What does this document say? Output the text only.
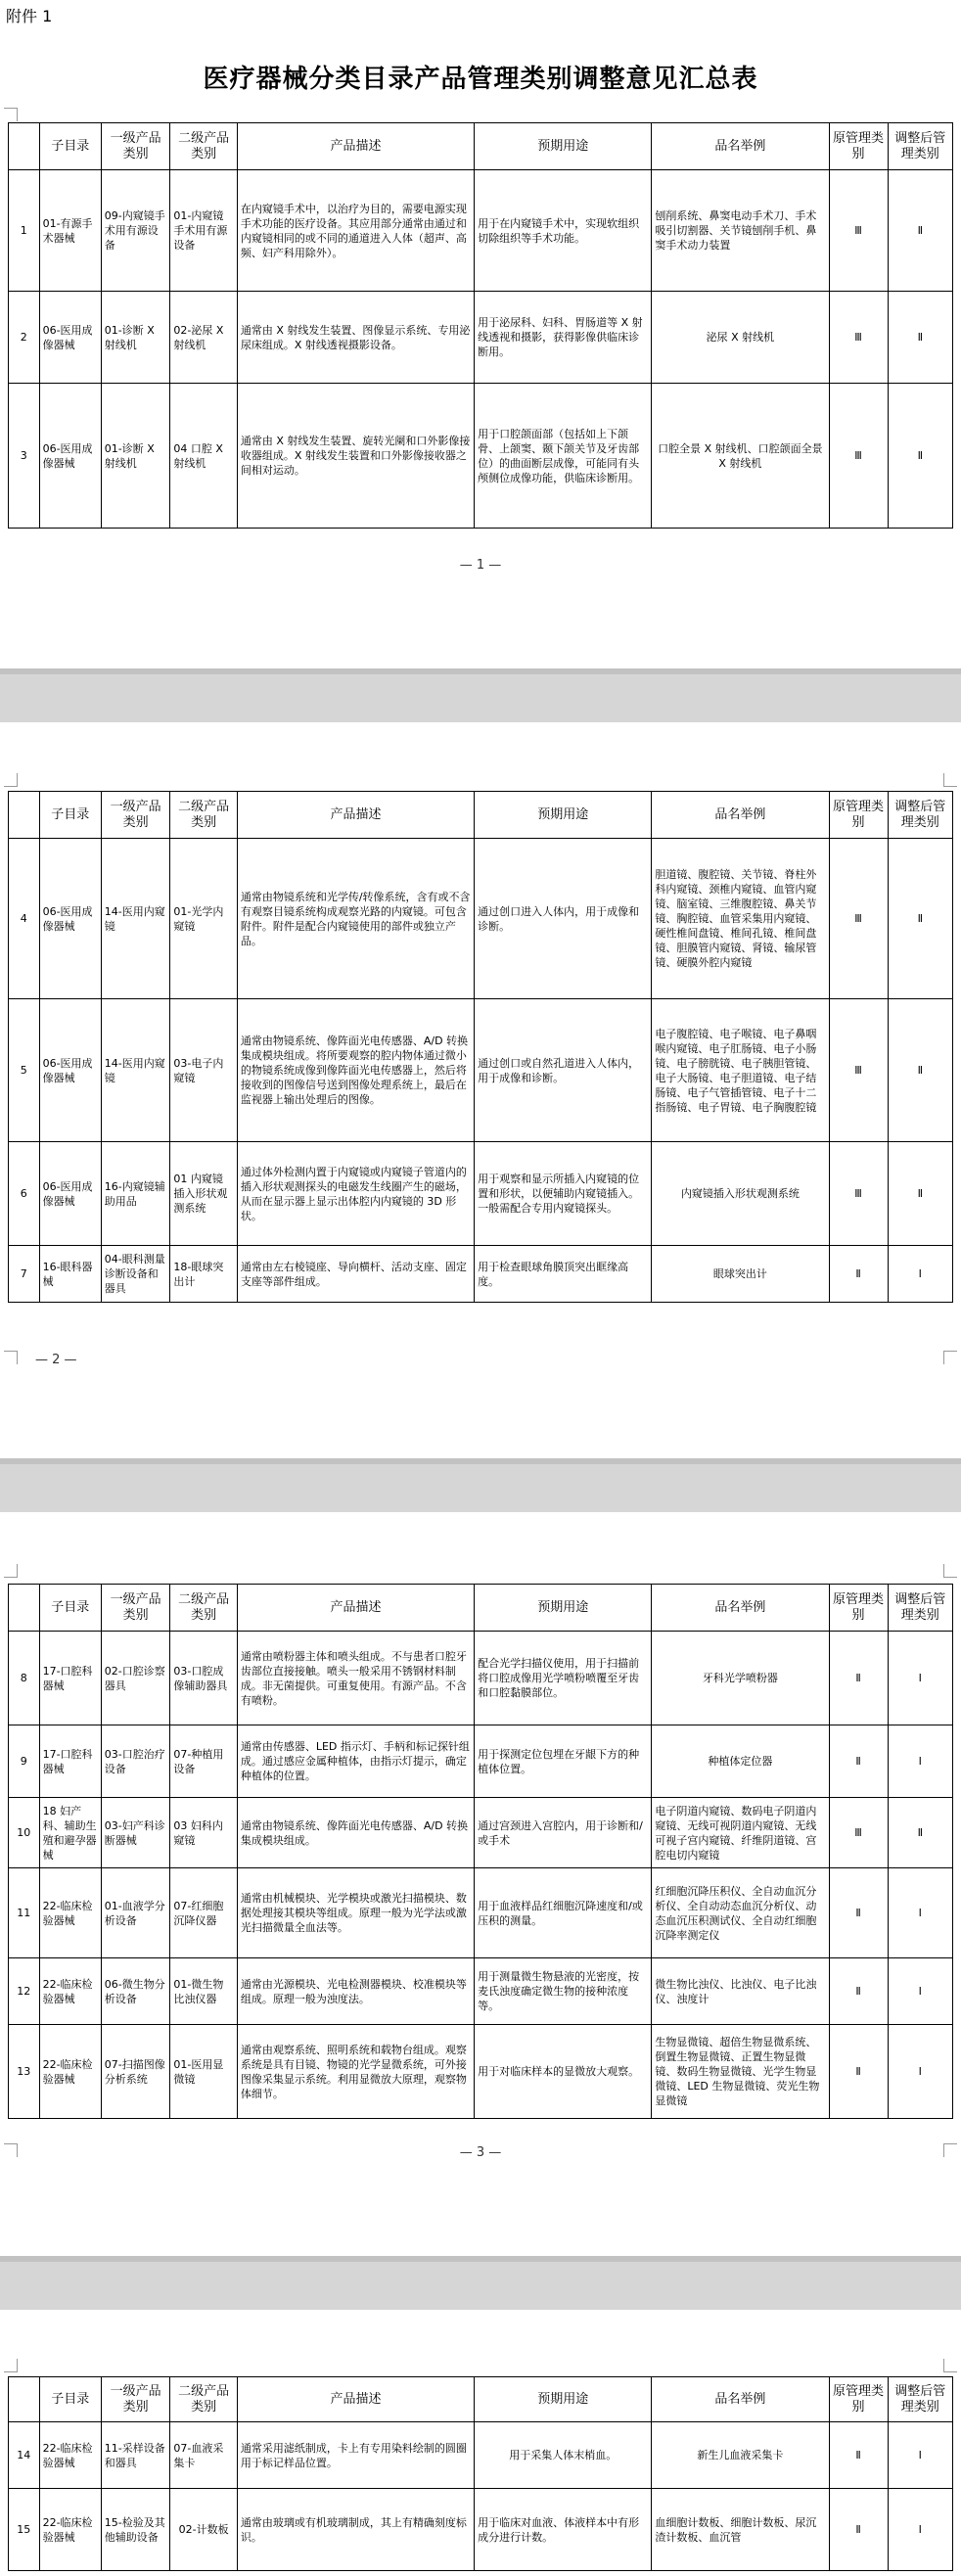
附件 1
医疗器械分类目录产品管理类别调整意见汇总表
	子目录	一级产品类别	二级产品类别	产品描述	预期用途	品名举例	原管理类别	调整后管理类别
1	01-有源手术器械	09-内窥镜手术用有源设备	01-内窥镜手术用有源设备	在内窥镜手术中，以治疗为目的，需要电源实现手术功能的医疗设备。其应用部分通常由通过和内窥镜相同的或不同的通道进入人体（超声、高频、妇产科用除外）。	用于在内窥镜手术中，实现软组织切除组织等手术功能。	刨削系统、鼻窦电动手术刀、手术吸引切割器、关节镜刨削手机、鼻窦手术动力装置	Ⅲ	Ⅱ
2	06-医用成像器械	01-诊断 X 射线机	02-泌尿 X 射线机	通常由 X 射线发生装置、图像显示系统、专用泌尿床组成。X 射线透视摄影设备。	用于泌尿科、妇科、胃肠道等 X 射线透视和摄影，获得影像供临床诊断用。	泌尿 X 射线机	Ⅲ	Ⅱ
3	06-医用成像器械	01-诊断 X 射线机	04 口腔 X 射线机	通常由 X 射线发生装置、旋转光阑和口外影像接收器组成。X 射线发生装置和口外影像接收器之间相对运动。	用于口腔颌面部（包括如上下颌骨、上颌窦、颞下颌关节及牙齿部位）的曲面断层成像，可能同有头颅侧位成像功能，供临床诊断用。	口腔全景 X 射线机、口腔颌面全景 X 射线机	Ⅲ	Ⅱ
— 1 —
	子目录	一级产品类别	二级产品类别	产品描述	预期用途	品名举例	原管理类别	调整后管理类别
4	06-医用成像器械	14-医用内窥镜	01-光学内窥镜	通常由物镜系统和光学传/转像系统，含有或不含有观察目镜系统构成观察光路的内窥镜。可包含附件。附件是配合内窥镜使用的部件或独立产品。	通过创口进入人体内，用于成像和诊断。	胆道镜、腹腔镜、关节镜、脊柱外科内窥镜、颈椎内窥镜、血管内窥镜、脑室镜、三维腹腔镜、鼻关节镜、胸腔镜、血管采集用内窥镜、硬性椎间盘镜、椎间孔镜、椎间盘镜、胆膜管内窥镜、肾镜、输尿管镜、硬膜外腔内窥镜	Ⅲ	Ⅱ
5	06-医用成像器械	14-医用内窥镜	03-电子内窥镜	通常由物镜系统、像阵面光电传感器、A/D 转换集成模块组成。将所要观察的腔内物体通过微小的物镜系统成像到像阵面光电传感器上，然后将接收到的图像信号送到图像处理系统上，最后在监视器上输出处理后的图像。	通过创口或自然孔道进入人体内，用于成像和诊断。	电子腹腔镜、电子喉镜、电子鼻咽喉内窥镜、电子肛肠镜、电子小肠镜、电子膀胱镜、电子胰胆管镜、电子大肠镜、电子胆道镜、电子结肠镜、电子气管插管镜、电子十二指肠镜、电子胃镜、电子胸腹腔镜	Ⅲ	Ⅱ
6	06-医用成像器械	16-内窥镜辅助用品	01 内窥镜插入形状观测系统	通过体外检测内置于内窥镜或内窥镜子管道内的插入形状观测探头的电磁发生线圈产生的磁场，从而在显示器上显示出体腔内内窥镜的 3D 形状。	用于观察和显示所插入内窥镜的位置和形状，以便辅助内窥镜插入。一般需配合专用内窥镜探头。	内窥镜插入形状观测系统	Ⅲ	Ⅱ
7	16-眼科器械	04-眼科测量诊断设备和器具	18-眼球突出计	通常由左右棱镜座、导向横杆、活动支座、固定支座等部件组成。	用于检查眼球角膜顶突出眶缘高度。	眼球突出计	Ⅱ	Ⅰ
— 2 —
	子目录	一级产品类别	二级产品类别	产品描述	预期用途	品名举例	原管理类别	调整后管理类别
8	17-口腔科器械	02-口腔诊察器具	03-口腔成像辅助器具	通常由喷粉器主体和喷头组成。不与患者口腔牙齿部位直接接触。喷头一般采用不锈钢材料制成。非无菌提供。可重复使用。有源产品。不含有喷粉。	配合光学扫描仪使用，用于扫描前将口腔成像用光学喷粉喷覆至牙齿和口腔黏膜部位。	牙科光学喷粉器	Ⅱ	Ⅰ
9	17-口腔科器械	03-口腔治疗设备	07-种植用设备	通常由传感器、LED 指示灯、手柄和标记探针组成。通过感应金属种植体，由指示灯提示，确定种植体的位置。	用于探测定位包埋在牙龈下方的种植体位置。	种植体定位器	Ⅱ	Ⅰ
10	18 妇产科、辅助生殖和避孕器械	03-妇产科诊断器械	03 妇科内窥镜	通常由物镜系统、像阵面光电传感器、A/D 转换集成模块组成。	通过宫颈进入宫腔内，用于诊断和/或手术	电子阴道内窥镜、数码电子阴道内窥镜、无线可视阴道内窥镜、无线可视子宫内窥镜、纤维阴道镜、宫腔电切内窥镜	Ⅲ	Ⅱ
11	22-临床检验器械	01-血液学分析设备	07-红细胞沉降仪器	通常由机械模块、光学模块或激光扫描模块、数据处理接其模块等组成。原理一般为光学法或激光扫描微量全血法等。	用于血液样品红细胞沉降速度和/或压积的测量。	红细胞沉降压积仪、全自动血沉分析仪、全自动动态血沉分析仪、动态血沉压积测试仪、全自动红细胞沉降率测定仪	Ⅱ	Ⅰ
12	22-临床检验器械	06-微生物分析设备	01-微生物比浊仪器	通常由光源模块、光电检测器模块、校准模块等组成。原理一般为浊度法。	用于测量微生物悬液的光密度，按麦氏浊度确定微生物的接种浓度等。	微生物比浊仪、比浊仪、电子比浊仪、浊度计	Ⅱ	Ⅰ
13	22-临床检验器械	07-扫描图像分析系统	01-医用显微镜	通常由观察系统、照明系统和载物台组成。观察系统是具有目镜、物镜的光学显微系统，可外接图像采集显示系统。利用显微放大原理，观察物体细节。	用于对临床样本的显微放大观察。	生物显微镜、超倍生物显微系统、倒置生物显微镜、正置生物显微镜、数码生物显微镜、光学生物显微镜、LED 生物显微镜、荧光生物显微镜	Ⅱ	Ⅰ
— 3 —
	子目录	一级产品类别	二级产品类别	产品描述	预期用途	品名举例	原管理类别	调整后管理类别
14	22-临床检验器械	11-采样设备和器具	07-血液采集卡	通常采用滤纸制成，卡上有专用染料绘制的圆圈用于标记样品位置。	用于采集人体末梢血。	新生儿血液采集卡	Ⅱ	Ⅰ
15	22-临床检验器械	15-检验及其他辅助设备	02-计数板	通常由玻璃或有机玻璃制成，其上有精确刻度标识。	用于临床对血液、体液样本中有形成分进行计数。	血细胞计数板、细胞计数板、尿沉渣计数板、血沉管	Ⅱ	Ⅰ
